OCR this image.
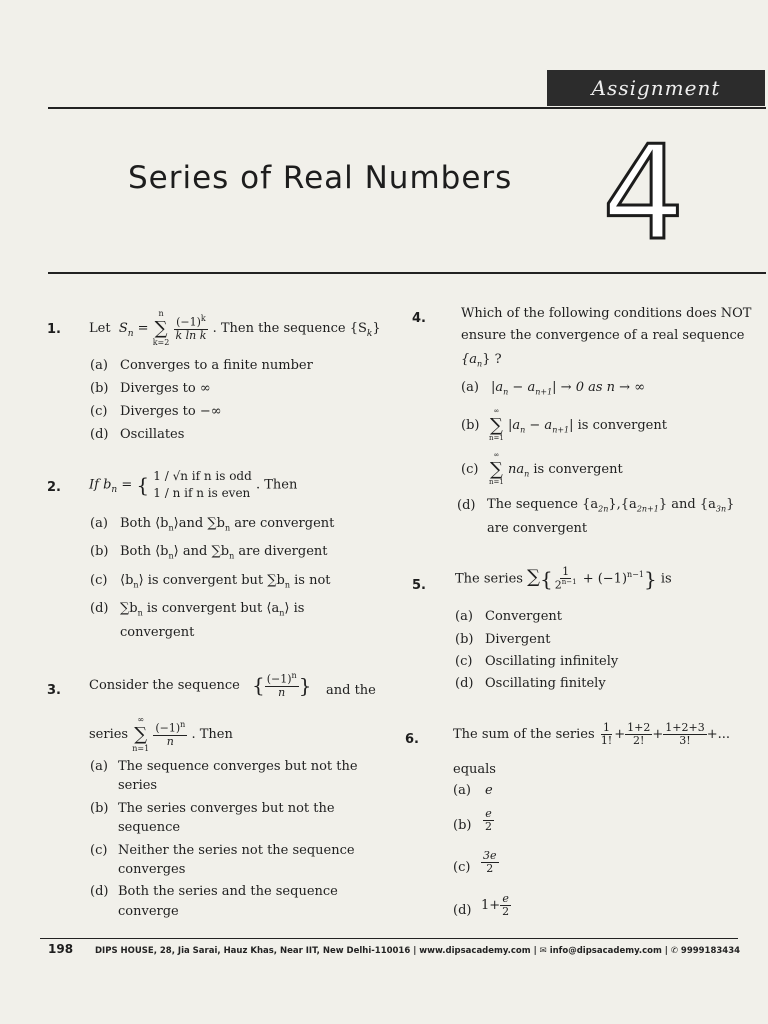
Assignment
Series of Real Numbers 4
1. Let $S_n$ =
n
∑
k=2
$\frac{(-1)^k}{\text{k ln k}}$ . Then the sequence $\{S_k\}$
(a) Converges to a finite number
(b) Diverges to ∞
(c) Diverges to −∞
(d) Oscillates
2. If $b_n$ = { 1 / √n if n is odd
1 / n if n is even
. Then
(a) Both $⟨b_n⟩and$ $\sum b_n$ are convergent
(b) Both $⟨b_n⟩$ and $\sum b_n$ are divergent
(c) $⟨b_n⟩$ is convergent but $\sum b_n$ is not
(d) $\sum b_n$ is convergent but $⟨a_n⟩$ is
convergent
3. Consider the sequence { $\frac{(-1)^n}{n}$ } and the
series
∞
∑
n=1
$\frac{(-1)^n}{n}$ . Then
(a) The sequence converges but not the
series
(b) The series converges but not the
sequence
(c) Neither the series not the sequence
converges
(d) Both the series and the sequence
converge
4.	Which of the following conditions does NOT
ensure the convergence of a real sequence
$\{a_n\}$ ?
(a) $|a_n - a_{n+1}| \to 0$ as n → ∞
(b)
∞
∑
n=1
$|a_n - a_{n+1}|$ is convergent
(c)
∞
∑
n=1
$na_n$ is convergent
(d) The sequence $\{a_{2n}\},\{a_{2n+1}\}$ and $\{a_{3n}\}$
are convergent
5. The series ∑{ $\frac{1}{2^{n-1}} + (-1)^{n-1}$} is
(a) Convergent
(b) Divergent
(c) Oscillating infinitely
(d) Oscillating finitely
6.	The sum of the series $\frac{1}{1!} + \frac{1+2}{2!} + \frac{1+2+3}{3!}$ +...
equals
(a) e
$(b) \frac{e}{2}$
$(c) \frac{3e}{2}$
(d) $1+ \frac{e}{2}$
198	DIPS HOUSE, 28, Jia Sarai, Hauz Khas, Near IIT, New Delhi-110016 | www.dipsacademy.com | ✉ info@dipsacademy.com | ✆ 9999183434
